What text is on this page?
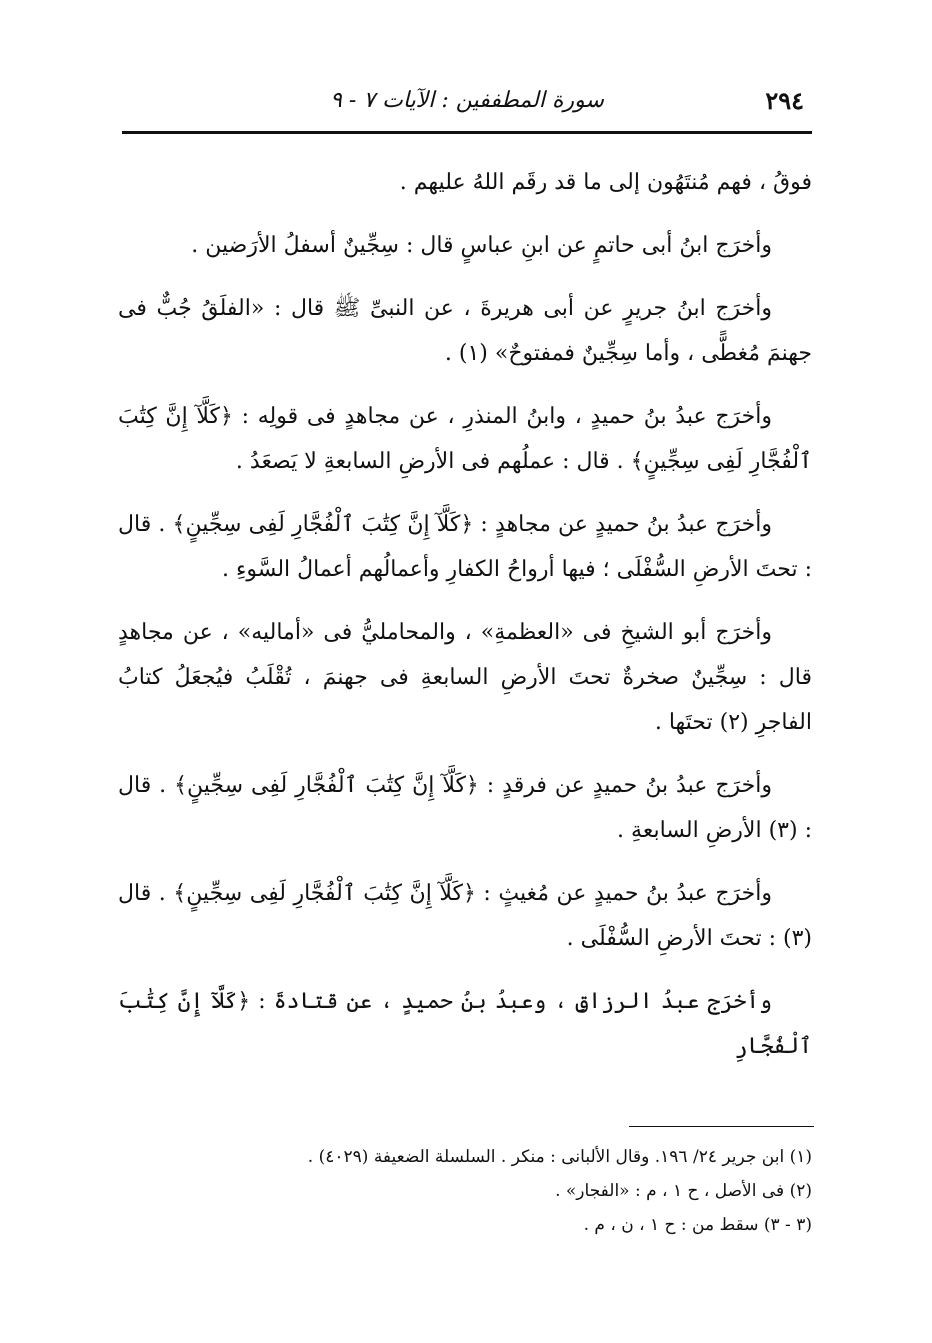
٢٩٤
سورة المطففين : الآيات ٧ - ٩

فوقُ ، فهم مُنتَهُون إلى ما قد رقَم اللهُ عليهم .

وأخرَج ابنُ أبى حاتمٍ عن ابنِ عباسٍ قال : سِجِّينٌ أسفلُ الأرَضين .

وأخرَج ابنُ جريرٍ عن أبى هريرةَ ، عن النبىِّ ﷺ قال : «الفلَقُ جُبٌّ فى جهنمَ مُغطًّى ، وأما سِجِّينٌ فمفتوحٌ» (١) .

وأخرَج عبدُ بنُ حميدٍ ، وابنُ المنذرِ ، عن مجاهدٍ فى قولِه : ﴿كَلَّآ إِنَّ كِتَٰبَ ٱلْفُجَّارِ لَفِى سِجِّينٍ﴾ . قال : عملُهم فى الأرضِ السابعةِ لا يَصعَدُ .

وأخرَج عبدُ بنُ حميدٍ عن مجاهدٍ : ﴿كَلَّآ إِنَّ كِتَٰبَ ٱلْفُجَّارِ لَفِى سِجِّينٍ﴾ . قال : تحتَ الأرضِ السُّفْلَى ؛ فيها أرواحُ الكفارِ وأعمالُهم أعمالُ السَّوءِ .

وأخرَج أبو الشيخِ فى «العظمةِ» ، والمحامليُّ فى «أماليه» ، عن مجاهدٍ قال : سِجِّينٌ صخرةٌ تحتَ الأرضِ السابعةِ فى جهنمَ ، تُقْلَبُ فيُجعَلُ كتابُ الفاجرِ (٢) تحتَها .

وأخرَج عبدُ بنُ حميدٍ عن فرقدٍ : ﴿كَلَّآ إِنَّ كِتَٰبَ ٱلْفُجَّارِ لَفِى سِجِّينٍ﴾ . قال : (٣) الأرضِ السابعةِ .

وأخرَج عبدُ بنُ حميدٍ عن مُغيثٍ : ﴿كَلَّآ إِنَّ كِتَٰبَ ٱلْفُجَّارِ لَفِى سِجِّينٍ﴾ . قال (٣) : تحتَ الأرضِ السُّفْلَى .

وأخرَج عبدُ الرزاقِ ، وعبدُ بنُ حميدٍ ، عن قتادةَ : ﴿كَلَّآ إِنَّ كِتَٰبَ ٱلْفُجَّارِ

(١) ابن جرير ٢٤/ ١٩٦. وقال الألبانى : منكر . السلسلة الضعيفة (٤٠٢٩) .

(٢) فى الأصل ، ح ١ ، م : «الفجار» .

(٣ - ٣) سقط من : ح ١ ، ن ، م .
